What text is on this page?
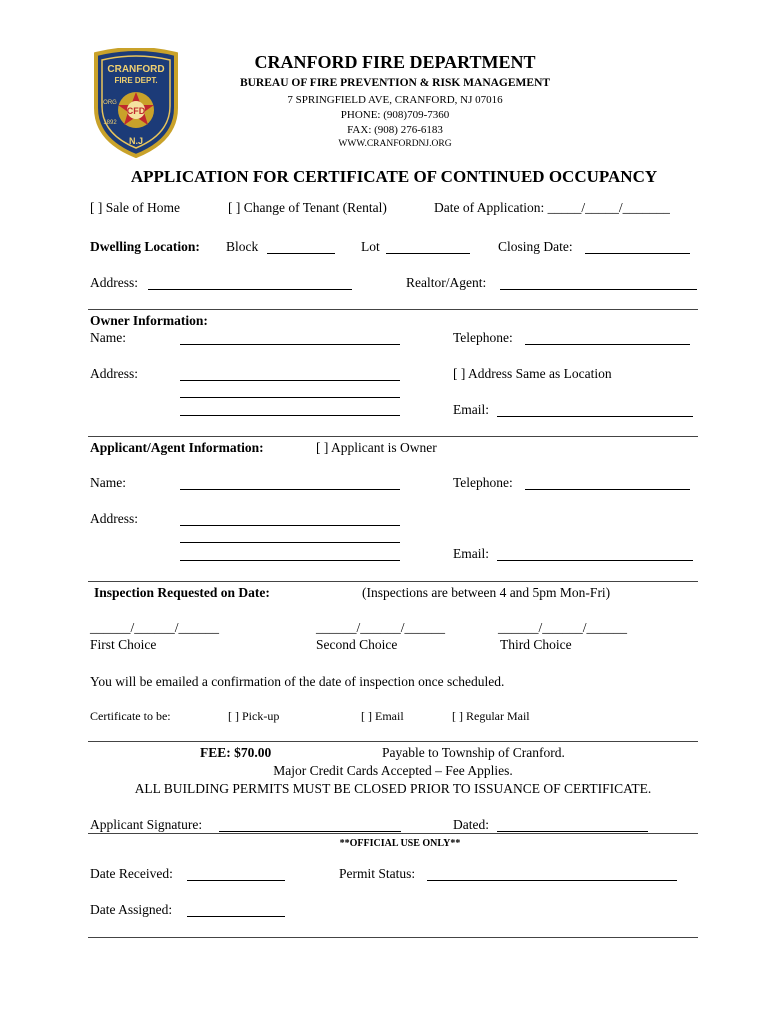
CRANFORD
FIRE DEPT.
CFD
ORG
1892
N.J
CRANFORD FIRE DEPARTMENT
BUREAU OF FIRE PREVENTION & RISK MANAGEMENT
7 SPRINGFIELD AVE, CRANFORD, NJ 07016
PHONE: (908)709-7360
FAX: (908) 276-6183
WWW.CRANFORDNJ.ORG
APPLICATION FOR CERTIFICATE OF CONTINUED OCCUPANCY
[ ] Sale of Home	[ ] Change of Tenant (Rental)	Date of Application: _____/_____/_______
Dwelling Location: Block	Lot	Closing Date:
Address:	Realtor/Agent:
Owner Information:
Name:	Telephone:
Address:	[ ] Address Same as Location
Email:
Applicant/Agent Information:	[ ] Applicant is Owner
Name:	Telephone:
Address:
Email:
Inspection Requested on Date:	(Inspections are between 4 and 5pm Mon-Fri)
______/______/______	______/______/______	______/______/______
First Choice	Second Choice	Third Choice
You will be emailed a confirmation of the date of inspection once scheduled.
Certificate to be:	[ ] Pick-up	[ ] Email	[ ] Regular Mail
FEE: $70.00	Payable to Township of Cranford.
Major Credit Cards Accepted – Fee Applies.
ALL BUILDING PERMITS MUST BE CLOSED PRIOR TO ISSUANCE OF CERTIFICATE.
Applicant Signature:	Dated:
**OFFICIAL USE ONLY**
Date Received:	Permit Status:
Date Assigned:
